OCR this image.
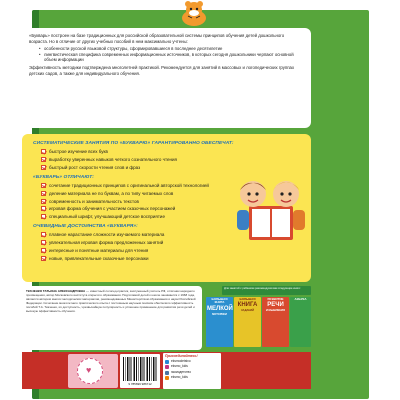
«Букварь» построен на базе традиционных для российской образовательной системы принципов обучения детей дошкольного возраста. Но в отличие от других учебных пособий в нем максимально учтены:

• особенности русской языковой структуры, сформировавшиеся в последнее десятилетие
• лингвистическая специфика современных информационных источников, в которых сегодня дошкольники черпают основной объем информации

Эффективность методики подтверждена многолетней практикой. Рекомендуется для занятий в массовых и логопедических группах детских садов, а также для индивидуального обучения.

СИСТЕМАТИЧЕСКИЕ ЗАНЯТИЯ ПО «БУКВАРЮ» ГАРАНТИРОВАННО ОБЕСПЕЧАТ:
быстрое изучение всех букв
выработку уверенных навыков четкого сознательного чтения
быстрый рост скорости чтения слов и фраз
«БУКВАРЬ» ОТЛИЧАЮТ:
сочетание традиционных принципов с оригинальной авторской технологией
деление материала не по буквам, а по типу читаемых слов
современность и занимательность текстов
игровая форма обучения с участием сказочных персонажей
специальный шрифт, улучшающий детское восприятие
ОЧЕВИДНЫЕ ДОСТОИНСТВА «БУКВАРЯ»:
плавное нарастание сложности изучаемого материала
увлекательная игровая форма предложенных занятий
интересные и понятные материалы для чтения
новые, привлекательные сказочные персонажи
ТКАЧЕНКО ТАТЬЯНА АЛЕКСАНДРОВНА — известный логопед-практик, заслуженный учитель РФ, отличник народного просвещения, автор Московского института открытого образования. Подготовкой детей к школе занимается с 1968 года, является автором многих методических материалов, рекомендованных Министерством образования и науки Российской Федерации. Сочетание многолетнего практического опыта с постоянным научным поиском обеспечило эффективность пособий Т.А. Ткаченко, их доступность, чрезвычайную популярность и успешное применение для развития речи детей и высокую эффективность обучения.
Для занятий с ребенком рекомендуем вам следующие книги:
БОЛЬШАЯ КНИГА
МЕЛКОЙ
МОТОРИКИ
БОЛЬШАЯ
КНИГА
ЗАДАНИЙ
РАЗВИТИЕ
РЕЧИ
И МЫШЛЕНИЯ
АЗБУКА
♥
9 785699 986712
Присоединяйтесь!
eksmodetstvo
eksmo_kids
эксмодетство
eksmo_kids
